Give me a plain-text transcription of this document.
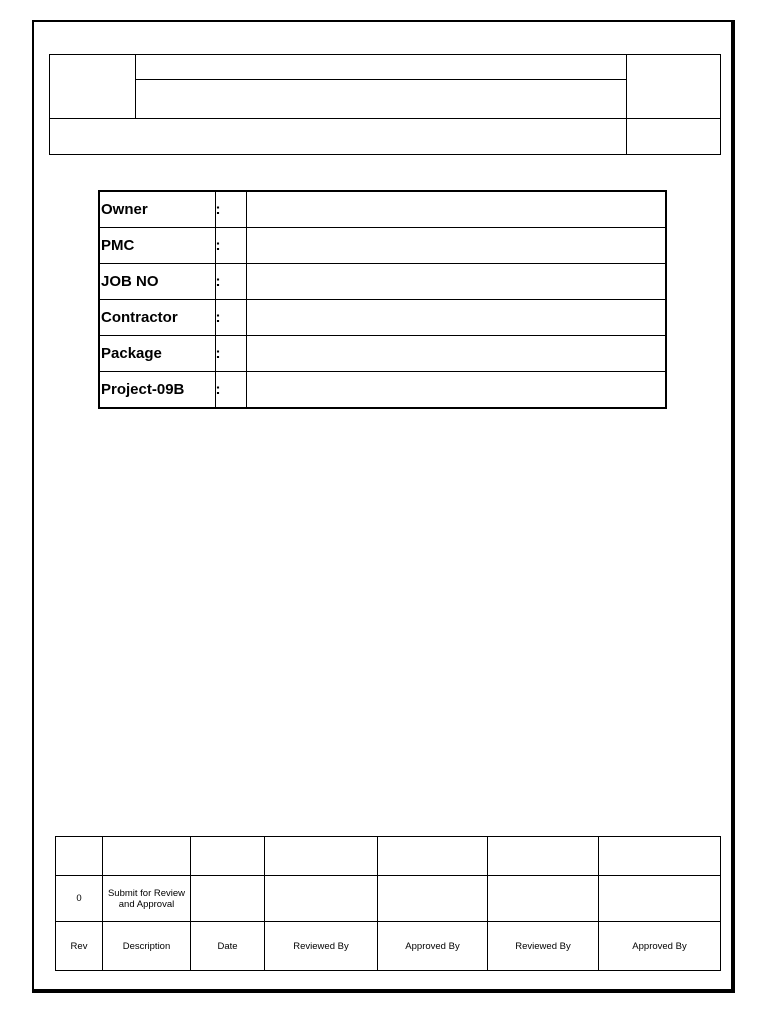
Owner	:	
PMC	:	
JOB NO	:	
Contractor	:	
Package	:	
Project-09B	:	

0	Submit for Review and Approval					
Rev	Description	Date	Reviewed By	Approved By	Reviewed By	Approved By
